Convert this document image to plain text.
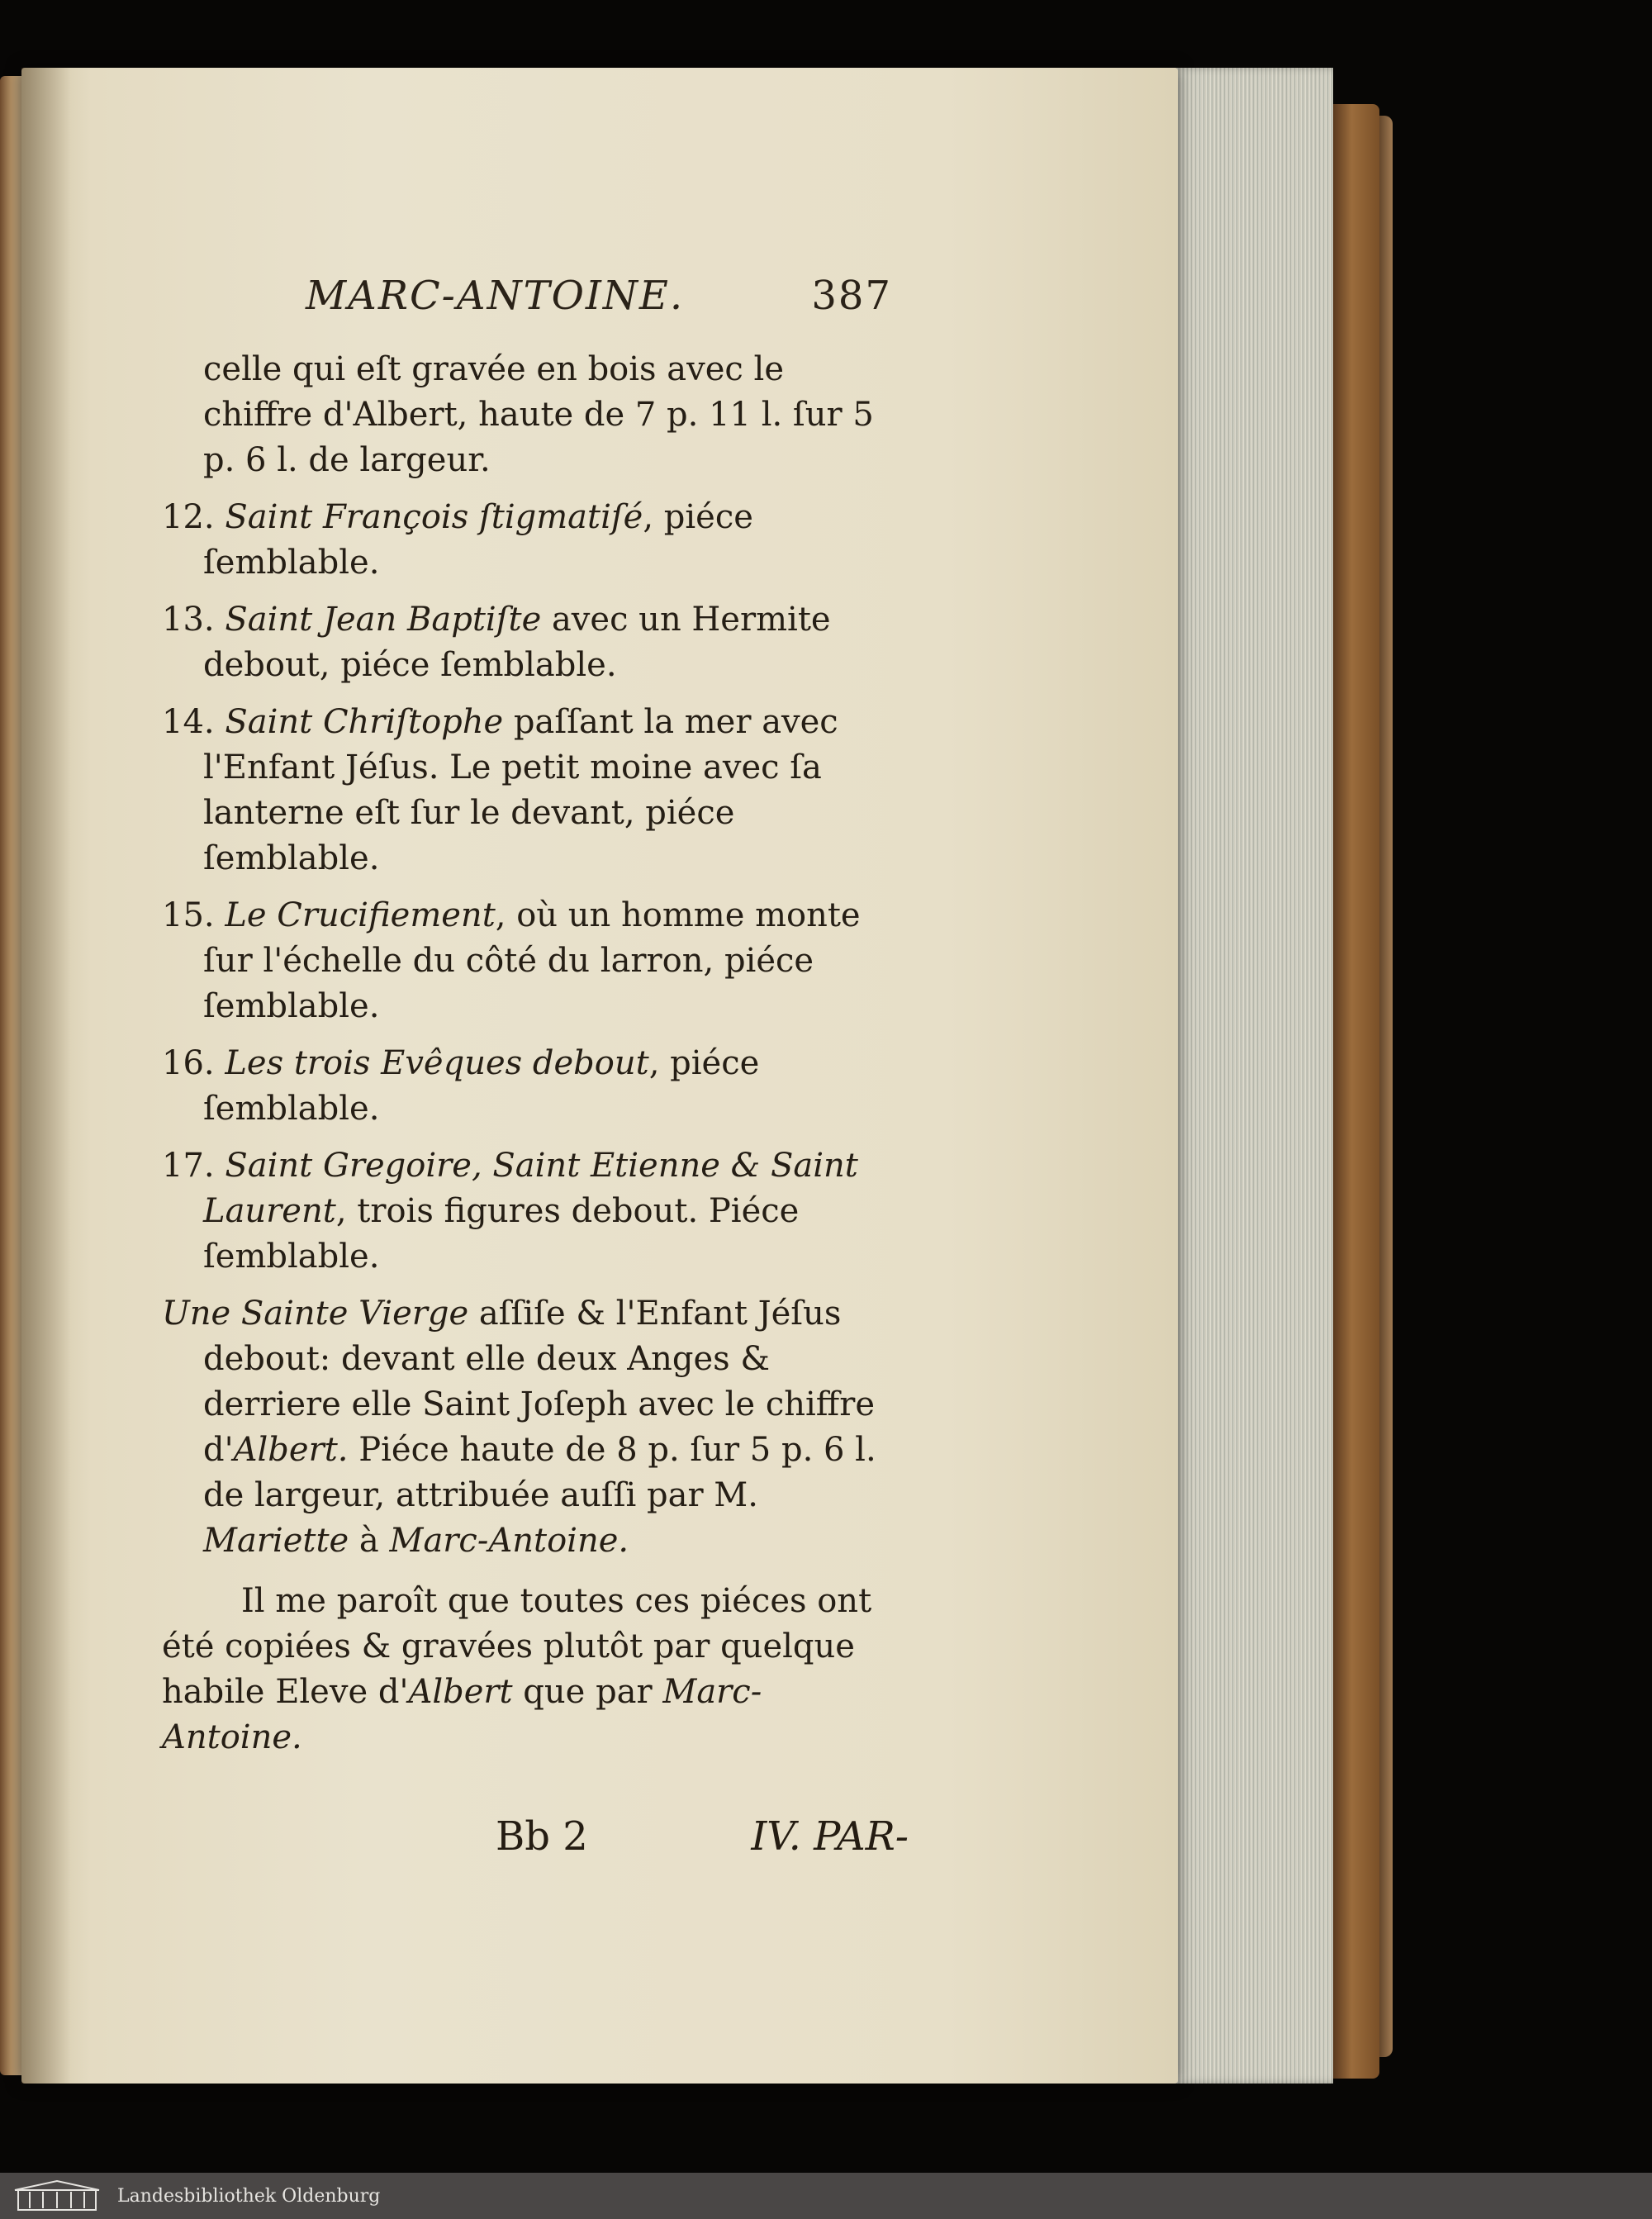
MARC-ANTOINE.	387
celle qui eſt gravée en bois avec le chiffre d'Albert, haute de 7 p. 11 l. ſur 5 p. 6 l. de largeur.
12. Saint François ſtigmatiſé, piéce ſemblable.
13. Saint Jean Baptiſte avec un Hermite debout, piéce ſemblable.
14. Saint Chriſtophe paſſant la mer avec l'Enfant Jéſus. Le petit moine avec ſa lanterne eſt ſur le devant, piéce ſemblable.
15. Le Crucifiement, où un homme monte ſur l'échelle du côté du larron, piéce ſemblable.
16. Les trois Evêques debout, piéce ſemblable.
17. Saint Gregoire, Saint Etienne & Saint Laurent, trois figures debout. Piéce ſemblable.
Une Sainte Vierge aſſiſe & l'Enfant Jéſus debout: devant elle deux Anges & derriere elle Saint Joſeph avec le chiffre d'Albert. Piéce haute de 8 p. ſur 5 p. 6 l. de largeur, attribuée auſſi par M. Mariette à Marc-Antoine.
Il me paroît que toutes ces piéces ont été copiées & gravées plutôt par quelque habile Eleve d'Albert que par Marc-Antoine.
Bb 2	IV. PAR-
Landesbibliothek Oldenburg
